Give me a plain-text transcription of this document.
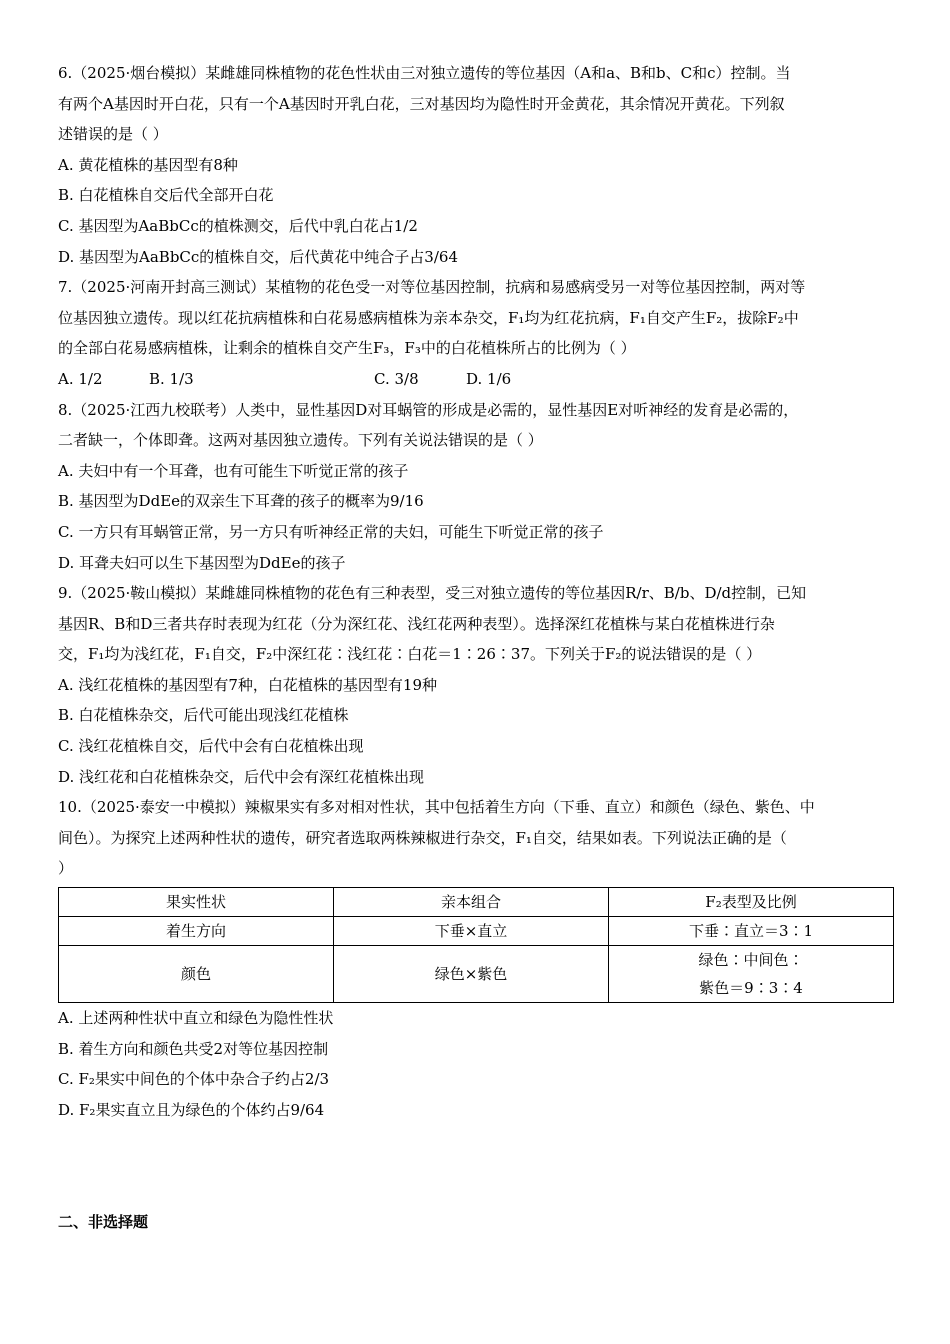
6.（2025·烟台模拟）某雌雄同株植物的花色性状由三对独立遗传的等位基因（A和a、B和b、C和c）控制。当
有两个A基因时开白花，只有一个A基因时开乳白花，三对基因均为隐性时开金黄花，其余情况开黄花。下列叙
述错误的是（ ）
A. 黄花植株的基因型有8种
B. 白花植株自交后代全部开白花
C. 基因型为AaBbCc的植株测交，后代中乳白花占1/2
D. 基因型为AaBbCc的植株自交，后代黄花中纯合子占3/64
7.（2025·河南开封高三测试）某植物的花色受一对等位基因控制，抗病和易感病受另一对等位基因控制，两对等
位基因独立遗传。现以红花抗病植株和白花易感病植株为亲本杂交，F₁均为红花抗病，F₁自交产生F₂，拔除F₂中
的全部白花易感病植株，让剩余的植株自交产生F₃，F₃中的白花植株所占的比例为（ ）
A. 1/2	B. 1/3	C. 3/8	D. 1/6
8.（2025·江西九校联考）人类中，显性基因D对耳蜗管的形成是必需的，显性基因E对听神经的发育是必需的，
二者缺一，个体即聋。这两对基因独立遗传。下列有关说法错误的是（ ）
A. 夫妇中有一个耳聋，也有可能生下听觉正常的孩子
B. 基因型为DdEe的双亲生下耳聋的孩子的概率为9/16
C. 一方只有耳蜗管正常，另一方只有听神经正常的夫妇，可能生下听觉正常的孩子
D. 耳聋夫妇可以生下基因型为DdEe的孩子
9.（2025·鞍山模拟）某雌雄同株植物的花色有三种表型，受三对独立遗传的等位基因R/r、B/b、D/d控制，已知
基因R、B和D三者共存时表现为红花（分为深红花、浅红花两种表型）。选择深红花植株与某白花植株进行杂
交，F₁均为浅红花，F₁自交，F₂中深红花∶浅红花∶白花＝1∶26∶37。下列关于F₂的说法错误的是（ ）
A. 浅红花植株的基因型有7种，白花植株的基因型有19种
B. 白花植株杂交，后代可能出现浅红花植株
C. 浅红花植株自交，后代中会有白花植株出现
D. 浅红花和白花植株杂交，后代中会有深红花植株出现
10.（2025·泰安一中模拟）辣椒果实有多对相对性状，其中包括着生方向（下垂、直立）和颜色（绿色、紫色、中
间色）。为探究上述两种性状的遗传，研究者选取两株辣椒进行杂交，F₁自交，结果如表。下列说法正确的是（
）
果实性状	亲本组合	F₂表型及比例
着生方向	下垂×直立	下垂∶直立＝3∶1
颜色	绿色×紫色	绿色∶中间色∶
紫色＝9∶3∶4
A. 上述两种性状中直立和绿色为隐性性状
B. 着生方向和颜色共受2对等位基因控制
C. F₂果实中间色的个体中杂合子约占2/3
D. F₂果实直立且为绿色的个体约占9/64
二、非选择题
